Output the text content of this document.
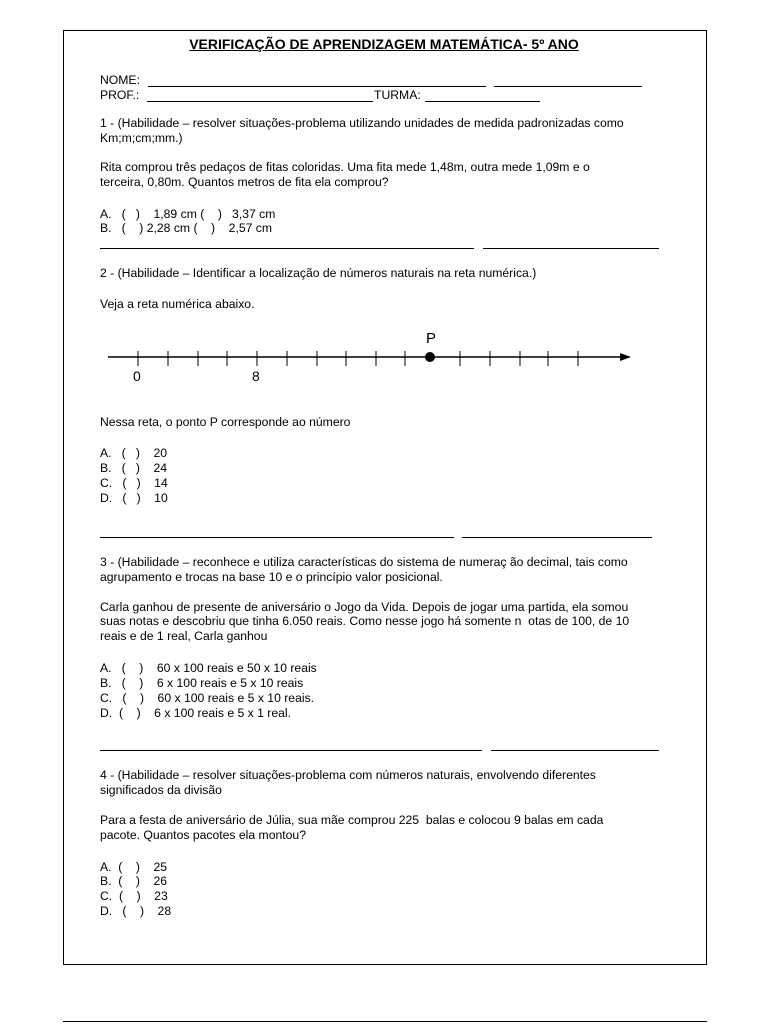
VERIFICAÇÃO DE APRENDIZAGEM MATEMÁTICA- 5º ANO
NOME:
PROF.:	TURMA:
1 - (Habilidade – resolver situações-problema utilizando unidades de medida padronizadas como
Km;m;cm;mm.)
Rita comprou três pedaços de fitas coloridas. Uma fita mede 1,48m, outra mede 1,09m e o
terceira, 0,80m. Quantos metros de fita ela comprou?
A.   (   )    1,89 cm (    )   3,37 cm
B.   (    ) 2,28 cm (    )    2,57 cm
2 - (Habilidade – Identificar a localização de números naturais na reta numérica.)
Veja a reta numérica abaixo.
P
0	8
Nessa reta, o ponto P corresponde ao número
A.   (   )    20
B.   (   )    24
C.   (   )    14
D.   (   )    10
3 - (Habilidade – reconhece e utiliza características do sistema de numeraç ão decimal, tais como
agrupamento e trocas na base 10 e o princípio valor posicional.
Carla ganhou de presente de aniversário o Jogo da Vida. Depois de jogar uma partida, ela somou
suas notas e descobriu que tinha 6.050 reais. Como nesse jogo há somente n  otas de 100, de 10
reais e de 1 real, Carla ganhou
A.   (    )    60 x 100 reais e 50 x 10 reais
B.   (    )    6 x 100 reais e 5 x 10 reais
C.   (    )    60 x 100 reais e 5 x 10 reais.
D.  (    )    6 x 100 reais e 5 x 1 real.
4 - (Habilidade – resolver situações-problema com números naturais, envolvendo diferentes
significados da divisão
Para a festa de aniversário de Júlia, sua mãe comprou 225  balas e colocou 9 balas em cada
pacote. Quantos pacotes ela montou?
A.  (    )    25
B.  (    )    26
C.  (    )    23
D.   (    )    28
